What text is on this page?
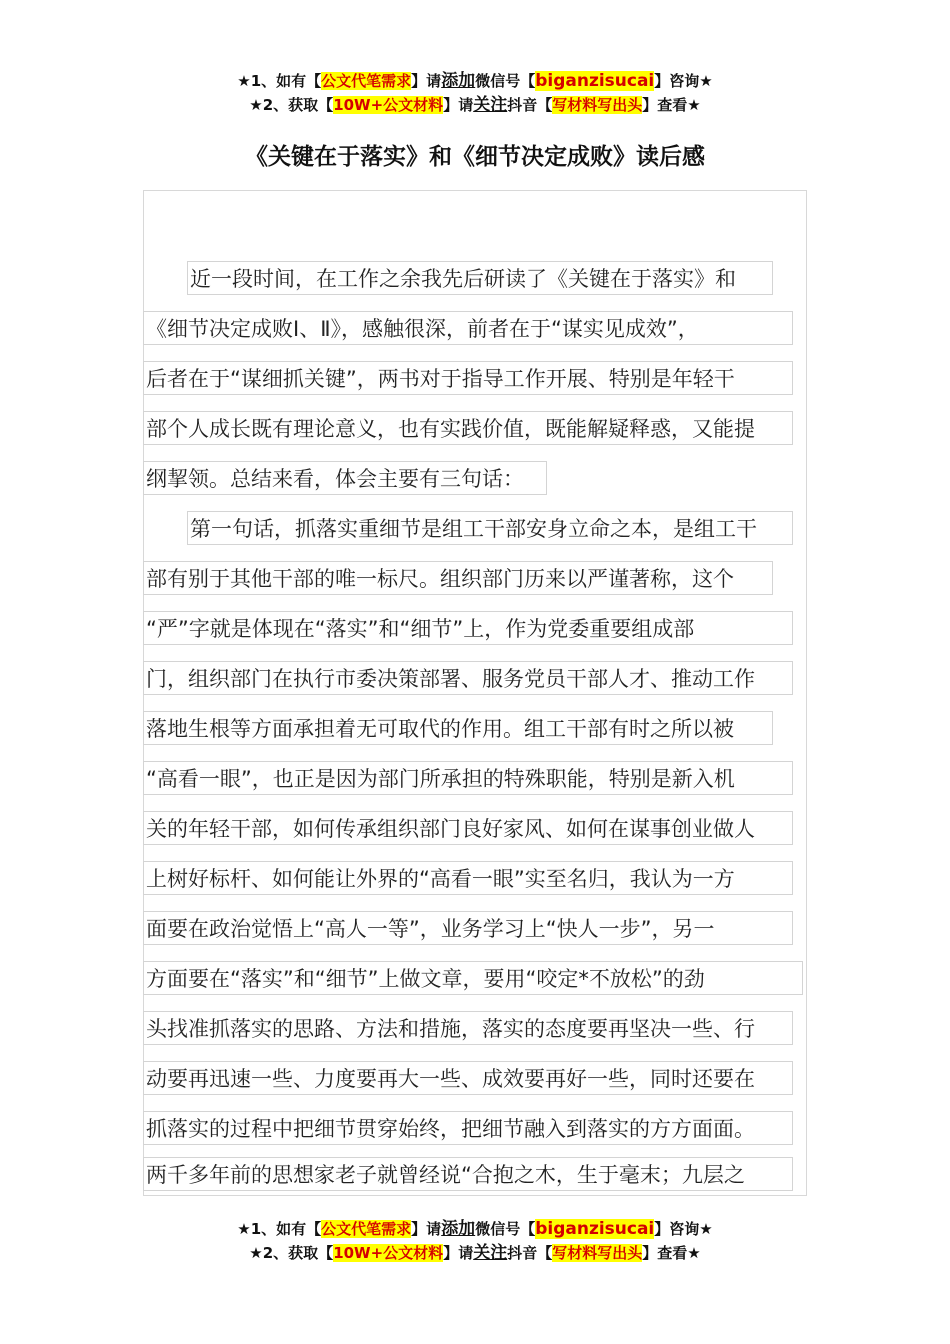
★1、如有【公文代笔需求】请添加微信号【biganzisucai】咨询★
★2、获取【10W+公文材料】请关注抖音【写材料写出头】查看★
《关键在于落实》和《细节决定成败》读后感
近一段时间，在工作之余我先后研读了《关键在于落实》和
《细节决定成败Ⅰ、Ⅱ》，感触很深，前者在于“谋实见成效”，
后者在于“谋细抓关键”，两书对于指导工作开展、特别是年轻干
部个人成长既有理论意义，也有实践价值，既能解疑释惑，又能提
纲挈领。总结来看，体会主要有三句话：
第一句话，抓落实重细节是组工干部安身立命之本，是组工干
部有别于其他干部的唯一标尺。组织部门历来以严谨著称，这个
“严”字就是体现在“落实”和“细节”上，作为党委重要组成部
门，组织部门在执行市委决策部署、服务党员干部人才、推动工作
落地生根等方面承担着无可取代的作用。组工干部有时之所以被
“高看一眼”，也正是因为部门所承担的特殊职能，特别是新入机
关的年轻干部，如何传承组织部门良好家风、如何在谋事创业做人
上树好标杆、如何能让外界的“高看一眼”实至名归，我认为一方
面要在政治觉悟上“高人一等”，业务学习上“快人一步”，另一
方面要在“落实”和“细节”上做文章，要用“咬定*不放松”的劲
头找准抓落实的思路、方法和措施，落实的态度要再坚决一些、行
动要再迅速一些、力度要再大一些、成效要再好一些，同时还要在
抓落实的过程中把细节贯穿始终，把细节融入到落实的方方面面。
两千多年前的思想家老子就曾经说“合抱之木，生于毫末；九层之
★1、如有【公文代笔需求】请添加微信号【biganzisucai】咨询★
★2、获取【10W+公文材料】请关注抖音【写材料写出头】查看★
